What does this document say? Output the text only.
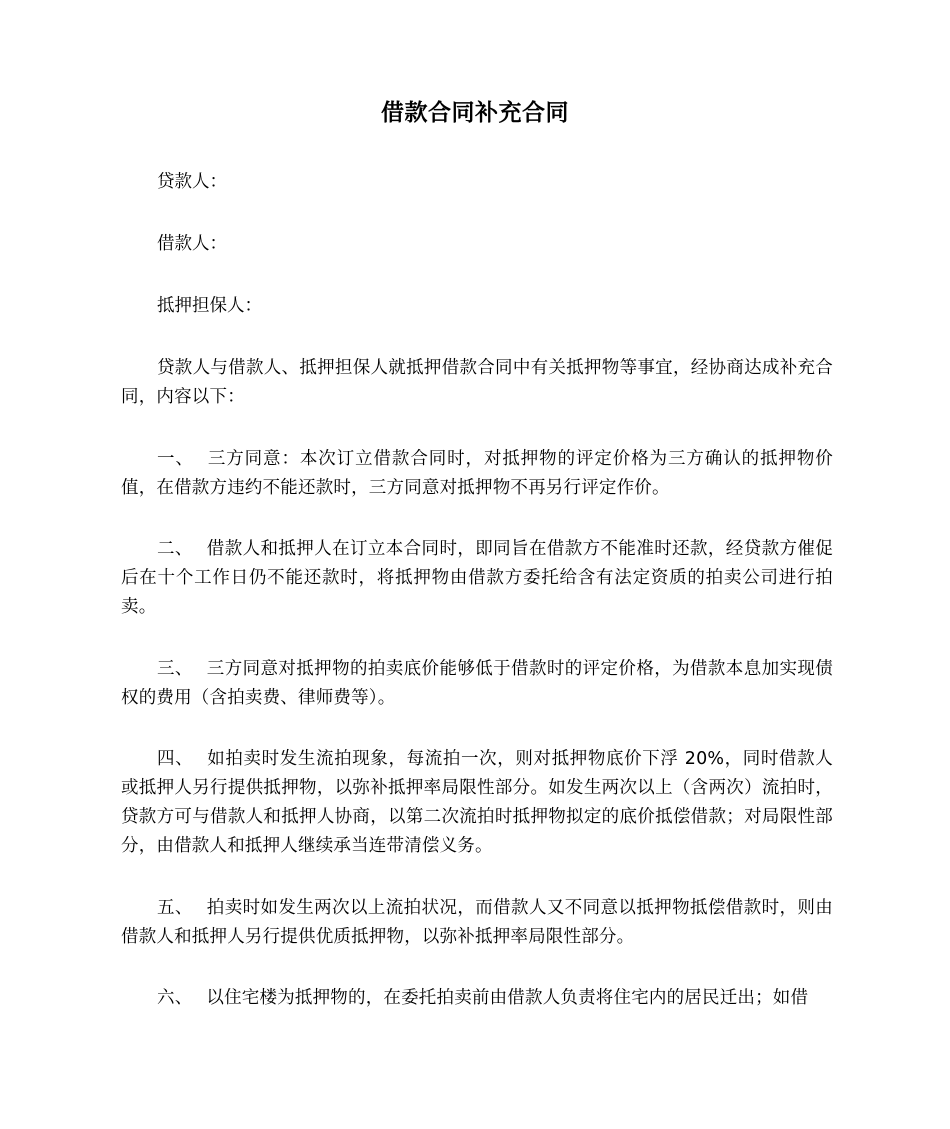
借款合同补充合同
贷款人：
借款人：
抵押担保人：
贷款人与借款人、抵押担保人就抵押借款合同中有关抵押物等事宜，经协商达成补充合同，内容以下：
一、 三方同意：本次订立借款合同时，对抵押物的评定价格为三方确认的抵押物价值，在借款方违约不能还款时，三方同意对抵押物不再另行评定作价。
二、 借款人和抵押人在订立本合同时，即同旨在借款方不能准时还款，经贷款方催促后在十个工作日仍不能还款时，将抵押物由借款方委托给含有法定资质的拍卖公司进行拍卖。
三、 三方同意对抵押物的拍卖底价能够低于借款时的评定价格，为借款本息加实现债权的费用（含拍卖费、律师费等）。
四、 如拍卖时发生流拍现象，每流拍一次，则对抵押物底价下浮 20%，同时借款人或抵押人另行提供抵押物，以弥补抵押率局限性部分。如发生两次以上（含两次）流拍时，贷款方可与借款人和抵押人协商，以第二次流拍时抵押物拟定的底价抵偿借款；对局限性部分，由借款人和抵押人继续承当连带清偿义务。
五、 拍卖时如发生两次以上流拍状况，而借款人又不同意以抵押物抵偿借款时，则由借款人和抵押人另行提供优质抵押物，以弥补抵押率局限性部分。
六、 以住宅楼为抵押物的，在委托拍卖前由借款人负责将住宅内的居民迁出；如借
